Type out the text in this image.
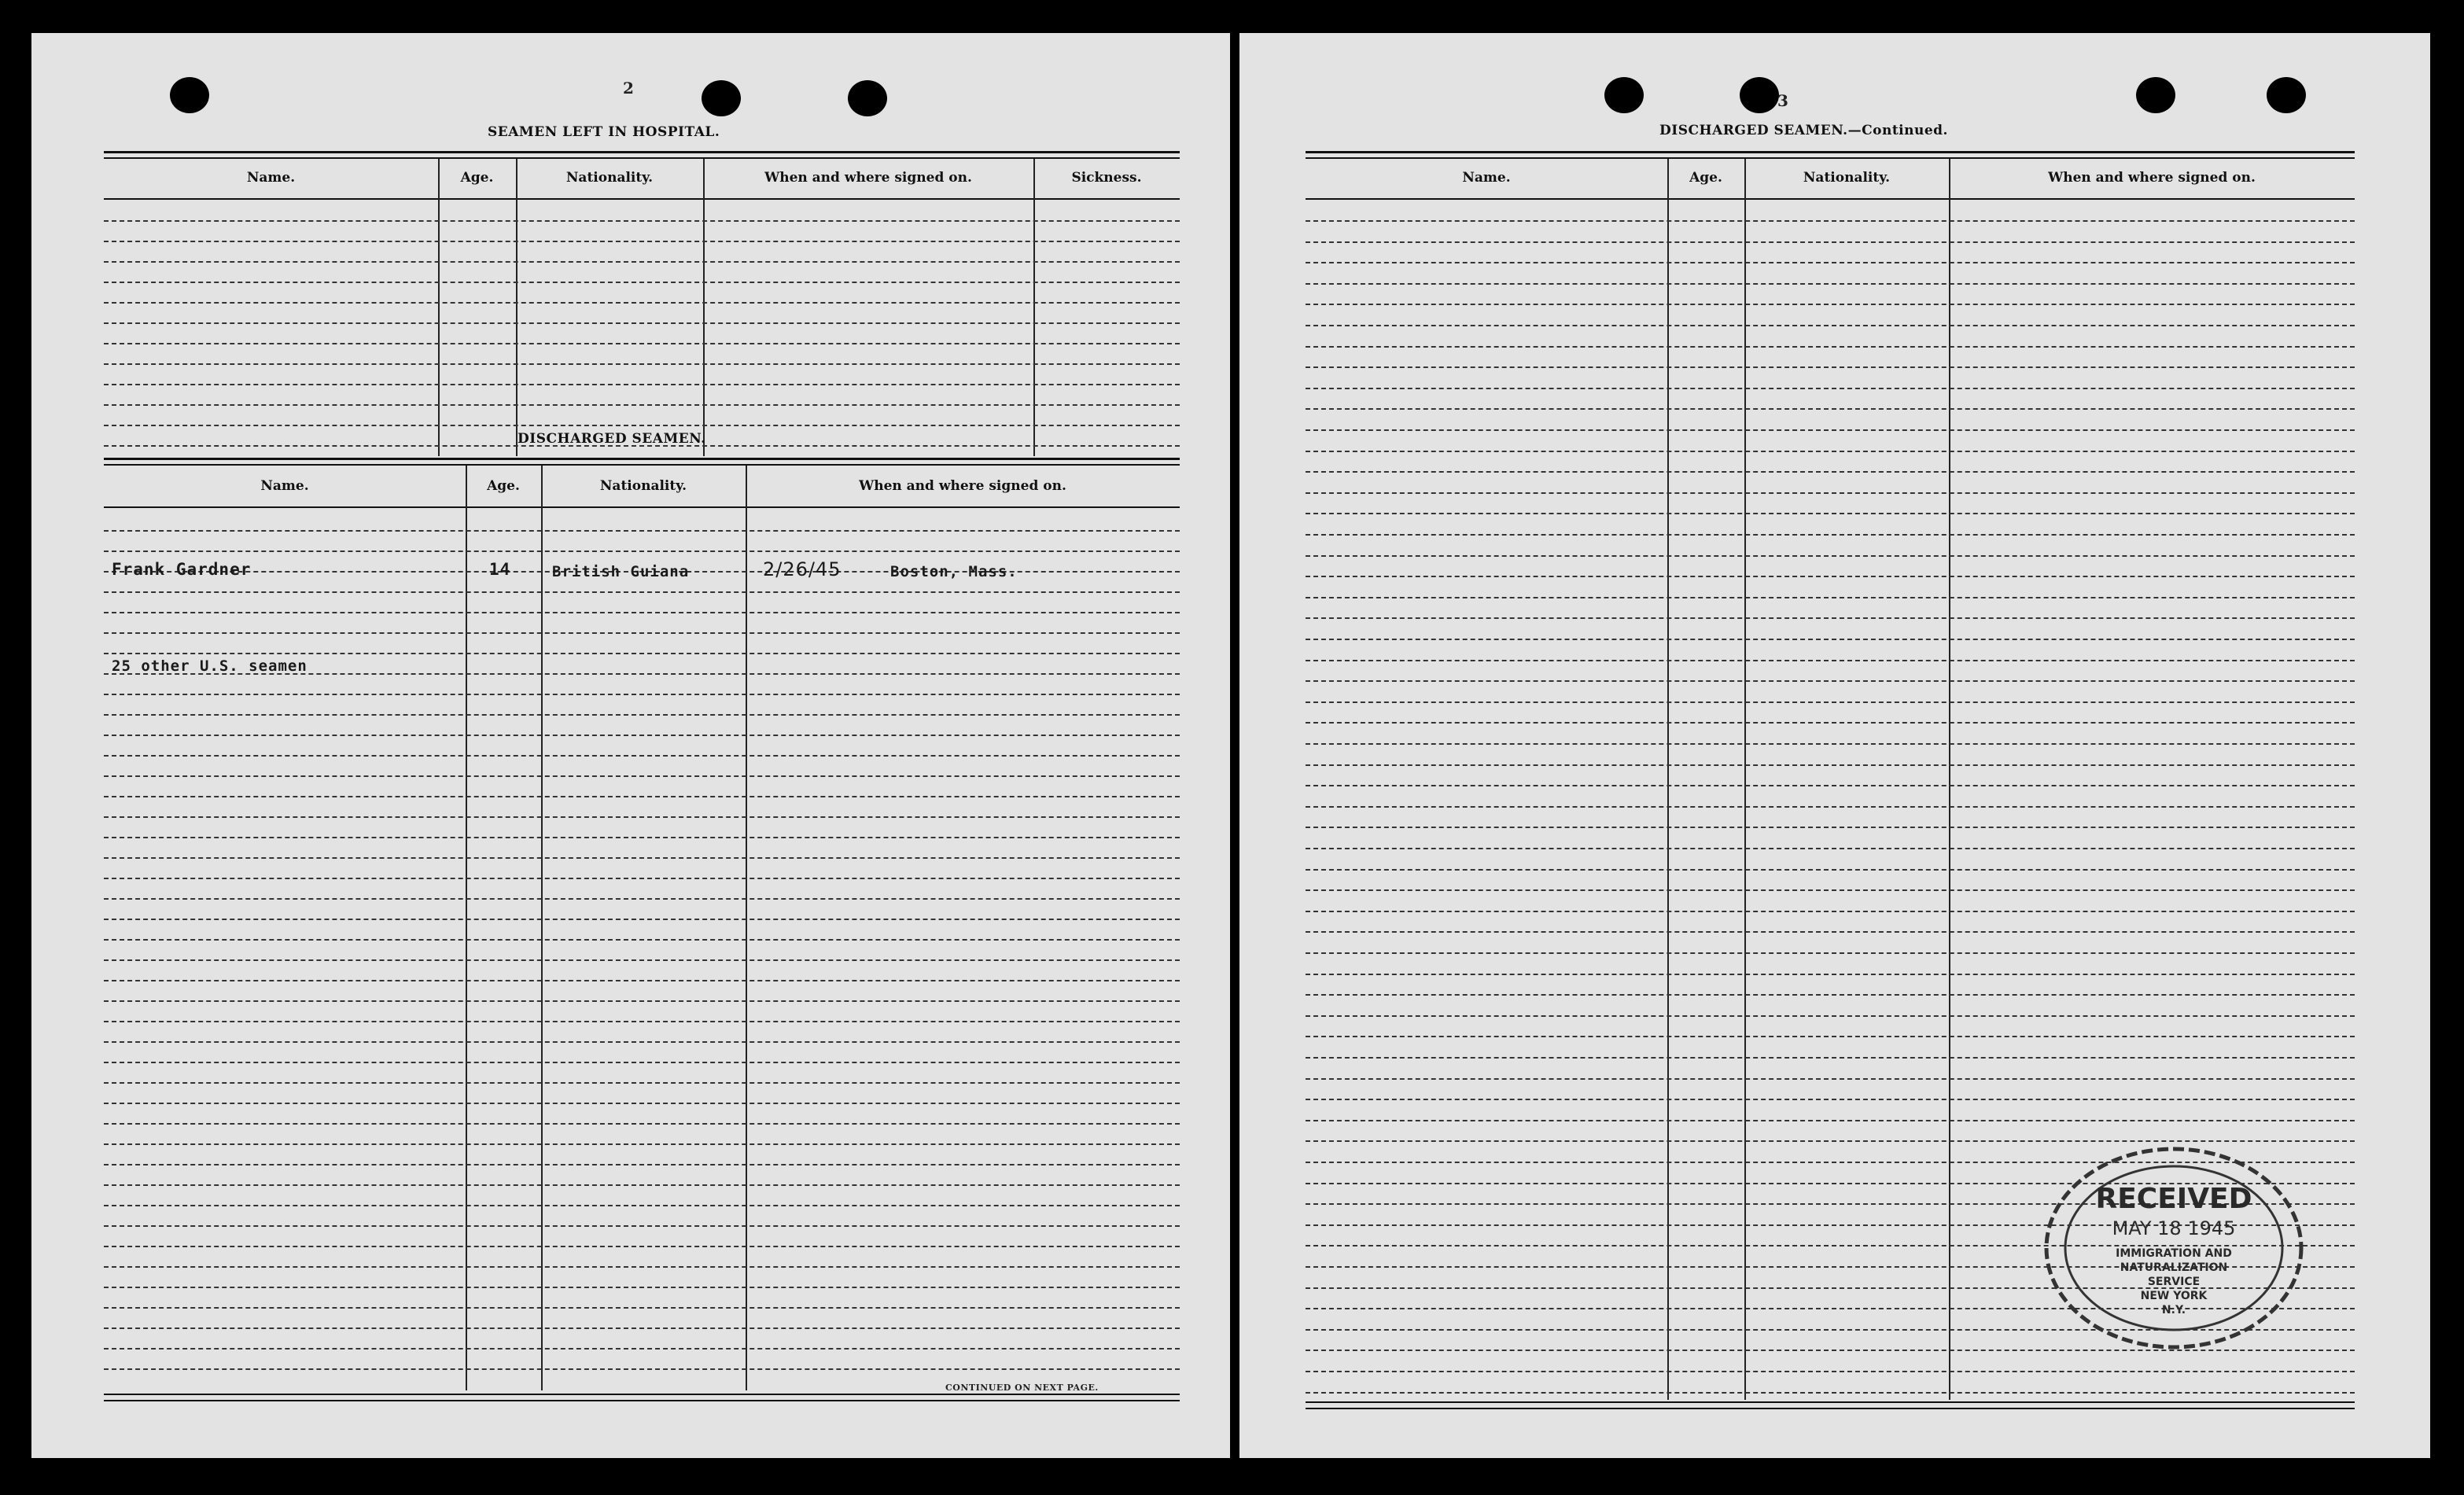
2
SEAMEN LEFT IN HOSPITAL.
Name.	Age.	Nationality.	When and where signed on.	Sickness.
DISCHARGED SEAMEN.
Name.	Age.	Nationality.	When and where signed on.
Frank Gardner	14	British Guiana	2/26/45	Boston, Mass.
25 other U.S. seamen
CONTINUED ON NEXT PAGE.
3
DISCHARGED SEAMEN.—Continued.
Name.	Age.	Nationality.	When and where signed on.
RECEIVED
MAY 18 1945
IMMIGRATION AND
NATURALIZATION
SERVICE
NEW YORK
N.Y.
